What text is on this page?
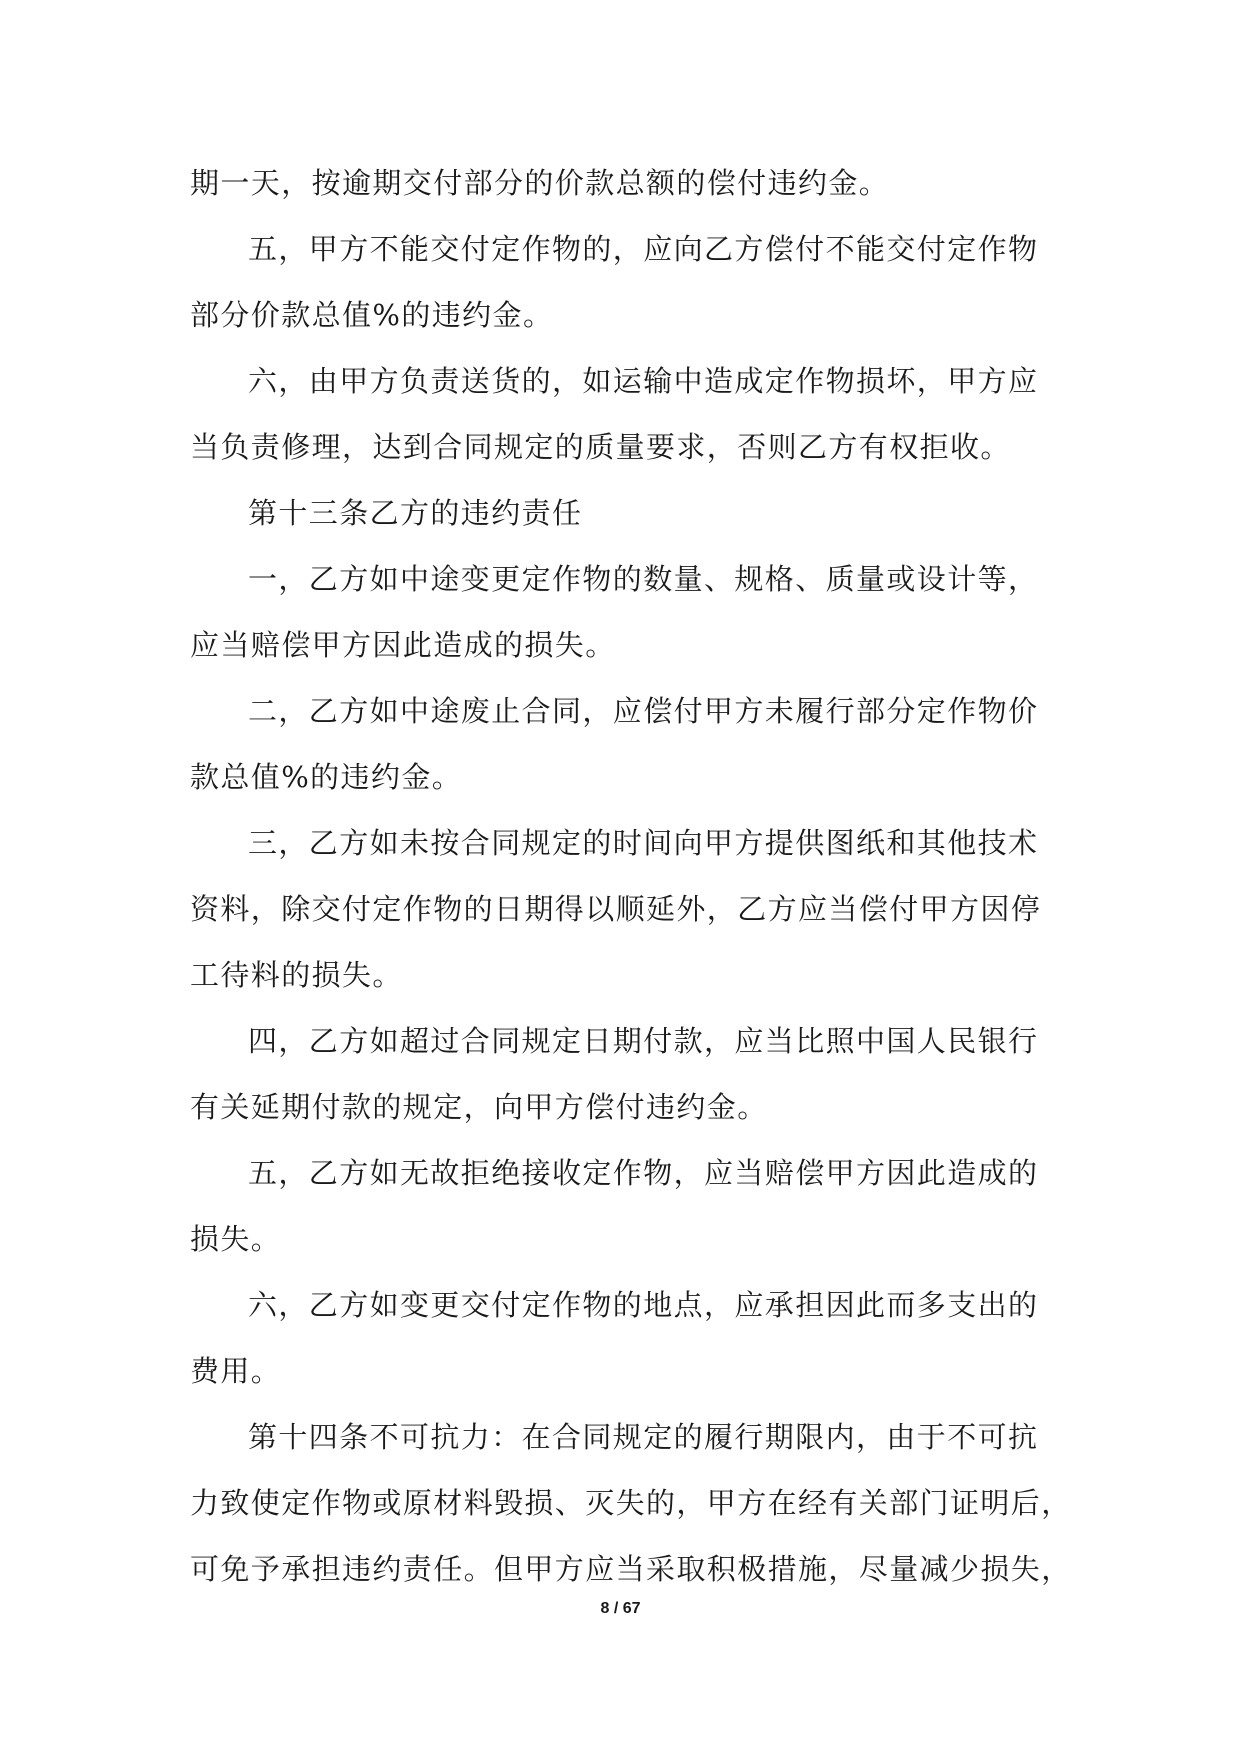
期一天，按逾期交付部分的价款总额的偿付违约金。
五，甲方不能交付定作物的，应向乙方偿付不能交付定作物
部分价款总值%的违约金。
六，由甲方负责送货的，如运输中造成定作物损坏，甲方应
当负责修理，达到合同规定的质量要求，否则乙方有权拒收。
第十三条乙方的违约责任
一，乙方如中途变更定作物的数量、规格、质量或设计等，
应当赔偿甲方因此造成的损失。
二，乙方如中途废止合同，应偿付甲方未履行部分定作物价
款总值%的违约金。
三，乙方如未按合同规定的时间向甲方提供图纸和其他技术
资料，除交付定作物的日期得以顺延外，乙方应当偿付甲方因停
工待料的损失。
四，乙方如超过合同规定日期付款，应当比照中国人民银行
有关延期付款的规定，向甲方偿付违约金。
五，乙方如无故拒绝接收定作物，应当赔偿甲方因此造成的
损失。
六，乙方如变更交付定作物的地点，应承担因此而多支出的
费用。
第十四条不可抗力：在合同规定的履行期限内，由于不可抗
力致使定作物或原材料毁损、灭失的，甲方在经有关部门证明后，
可免予承担违约责任。但甲方应当采取积极措施，尽量减少损失，
8 / 67
